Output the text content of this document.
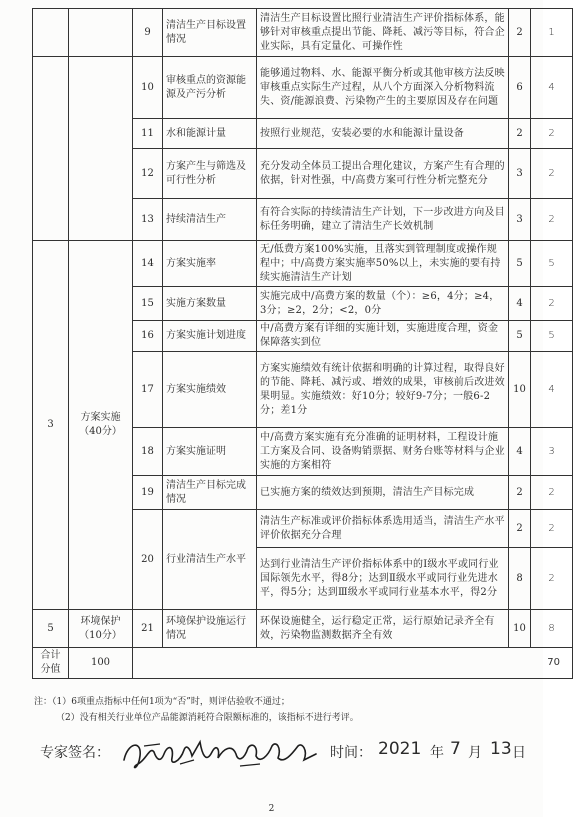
		9	清洁生产目标设置情况	清洁生产目标设置比照行业清洁生产评价指标体系，能够针对审核重点提出节能、降耗、减污等目标，符合企业实际，具有定量化、可操作性	2	1
		10	审核重点的资源能源及产污分析	能够通过物料、水、能源平衡分析或其他审核方法反映审核重点实际生产过程，从八个方面深入分析物料流失、资/能源浪费、污染物产生的主要原因及存在问题	6	4
		11	水和能源计量	按照行业规范，安装必要的水和能源计量设备	2	2
		12	方案产生与筛选及可行性分析	充分发动全体员工提出合理化建议，方案产生有合理的依据，针对性强，中/高费方案可行性分析完整充分	3	2
		13	持续清洁生产	有符合实际的持续清洁生产计划，下一步改进方向及目标任务明确，建立了清洁生产长效机制	3	2
3	方案实施（40分）	14	方案实施率	无/低费方案100%实施，且落实到管理制度或操作规程中；中/高费方案实施率50%以上，未实施的要有持续实施清洁生产计划	5	5
		15	实施方案数量	实施完成中/高费方案的数量（个）：≥6，4分；≥4，3分；≥2，2分；<2，0分	4	2
		16	方案实施计划进度	中/高费方案有详细的实施计划，实施进度合理，资金保障落实到位	5	5
		17	方案实施绩效	方案实施绩效有统计依据和明确的计算过程，取得良好的节能、降耗、减污或、增效的成果，审核前后改进效果明显。实施绩效：好10分；较好9-7分；一般6-2分；差1分	10	4
		18	方案实施证明	中/高费方案实施有充分准确的证明材料，工程设计施工方案及合同、设备购销票据、财务台账等材料与企业实施的方案相符	4	3
		19	清洁生产目标完成情况	已实施方案的绩效达到预期，清洁生产目标完成	2	2
		20	行业清洁生产水平	清洁生产标准或评价指标体系选用适当，清洁生产水平评价依据充分合理	2	2
				达到行业清洁生产评价指标体系中的Ⅰ级水平或同行业国际领先水平，得8分；达到Ⅱ级水平或同行业先进水平，得5分；达到Ⅲ级水平或同行业基本水平，得2分	8	2
5	环境保护（10分）	21	环境保护设施运行情况	环保设施健全，运行稳定正常，运行原始记录齐全有效，污染物监测数据齐全有效	10	8
合计分值	100	70				
注：（1）6项重点指标中任何1项为“否”时，则评估验收不通过；
（2）没有相关行业单位产品能源消耗符合限额标准的，该指标不进行考评。
专家签名：	时间： 2021 年 7 月 13 日
2
